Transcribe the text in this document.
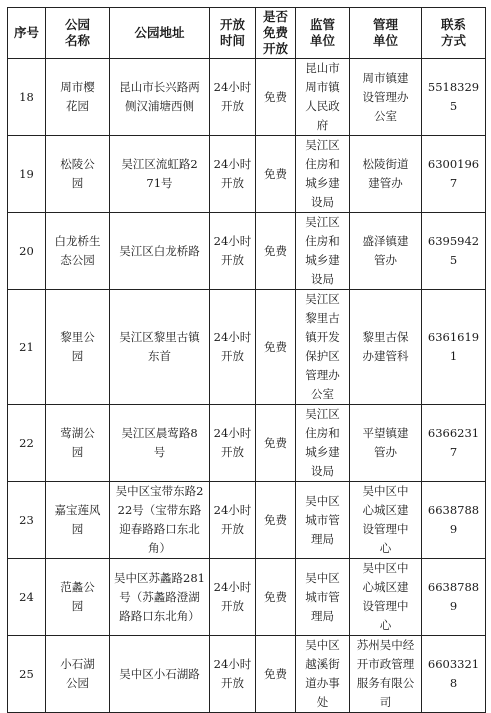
序号	公园名称	公园地址	开放时间	是否免费开放	监管单位	管理单位	联系方式
18	周市樱花园	昆山市长兴路两侧汉浦塘西侧	24小时开放	免费	昆山市周市镇人民政府	周市镇建设管理办公室	55183295
19	松陵公园	吴江区流虹路271号	24小时开放	免费	吴江区住房和城乡建设局	松陵街道建管办	63001967
20	白龙桥生态公园	吴江区白龙桥路	24小时开放	免费	吴江区住房和城乡建设局	盛泽镇建管办	63959425
21	黎里公园	吴江区黎里古镇东首	24小时开放	免费	吴江区黎里古镇开发保护区管理办公室	黎里古保办建管科	63616191
22	莺湖公园	吴江区晨莺路8号	24小时开放	免费	吴江区住房和城乡建设局	平望镇建管办	63662317
23	嘉宝莲风园	吴中区宝带东路222号（宝带东路迎春路路口东北角）	24小时开放	免费	吴中区城市管理局	吴中区中心城区建设管理中心	66387889
24	范蠡公园	吴中区苏蠡路281号（苏蠡路澄湖路路口东北角）	24小时开放	免费	吴中区城市管理局	吴中区中心城区建设管理中心	66387889
25	小石湖公园	吴中区小石湖路	24小时开放	免费	吴中区越溪街道办事处	苏州吴中经开市政管理服务有限公司	66033218
